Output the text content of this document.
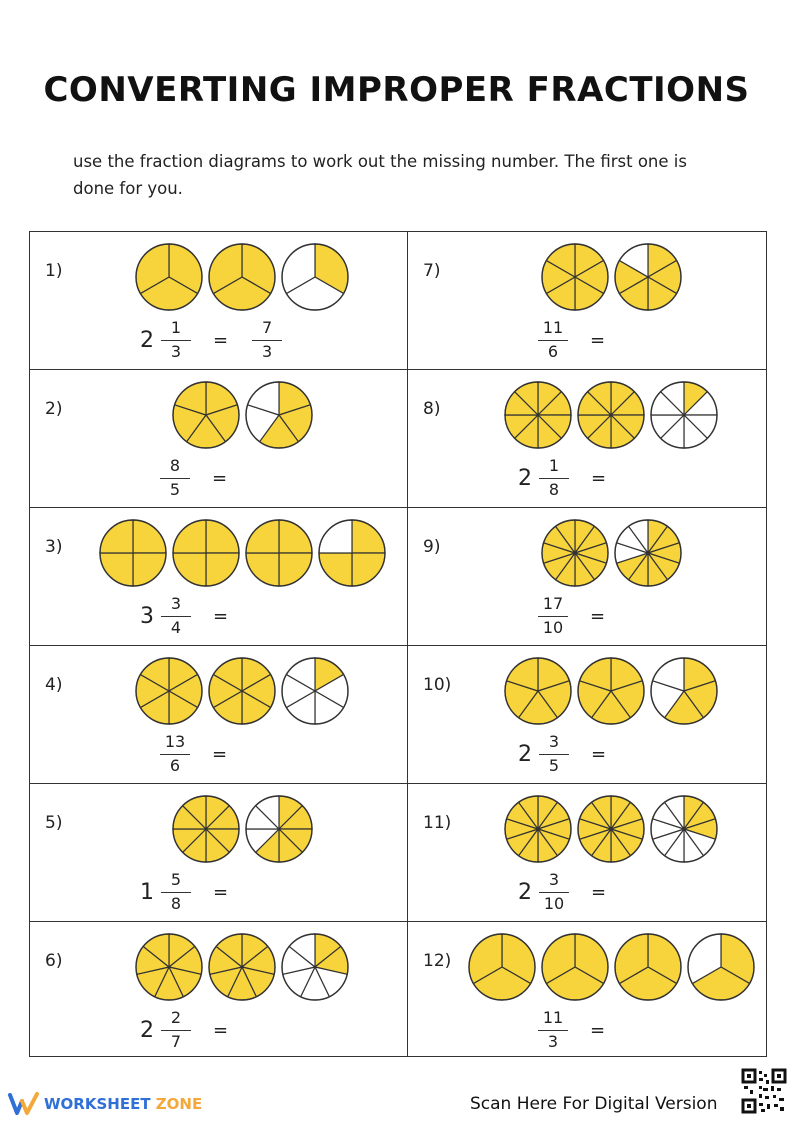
CONVERTING IMPROPER FRACTIONS
use the fraction diagrams to work out the missing number. The first one is done for you.
1)
$2 \frac{1}{3} = \frac{7}{3}$
7)
$\frac{11}{6}$ =
2)
$\frac{8}{5}$ =
8)
$2 \frac{1}{8}$ =
3)
$3 \frac{3}{4}$ =
9)
$\frac{17}{10}$ =
4)
$\frac{13}{6}$ =
10)
$2 \frac{3}{5}$ =
5)
$1 \frac{5}{8}$ =
11)
$2 \frac{3}{10}$ =
6)
$2 \frac{2}{7}$ =
12)
$\frac{11}{3}$ =
WORKSHEET ZONE	Scan Here For Digital Version
